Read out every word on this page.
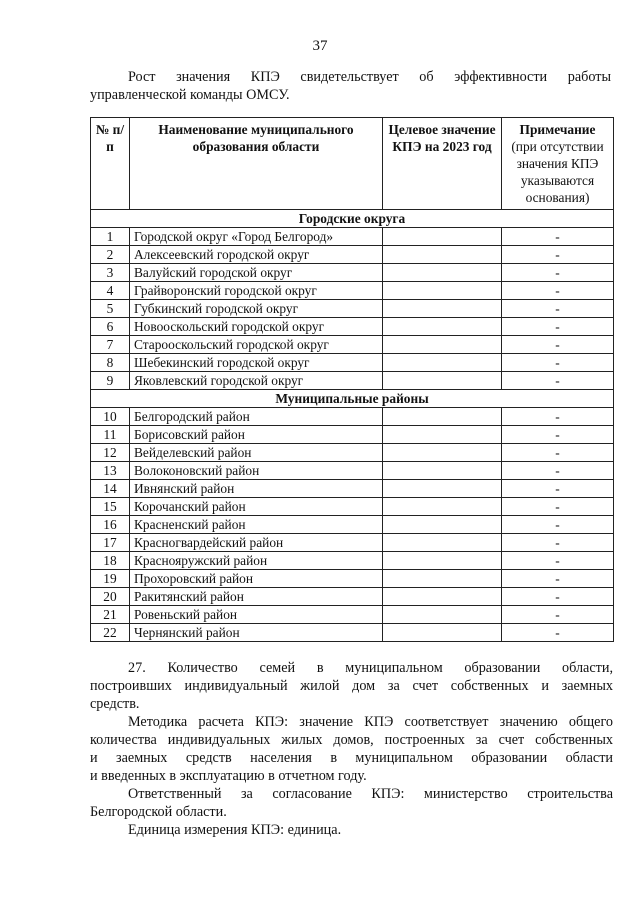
37

Рост значения КПЭ свидетельствует об эффективности работы

управленческой команды ОМСУ.

№ п/п	Наименование муниципального образования области	Целевое значение КПЭ на 2023 год	Примечание
(при отсутствии значения КПЭ указываются основания)
Городские округа			
1	Городской округ «Город Белгород»		-
2	Алексеевский городской округ		-
3	Валуйский городской округ		-
4	Грайворонский городской округ		-
5	Губкинский городской округ		-
6	Новооскольский городской округ		-
7	Старооскольский городской округ		-
8	Шебекинский городской округ		-
9	Яковлевский городской округ		-
Муниципальные районы			
10	Белгородский район		-
11	Борисовский район		-
12	Вейделевский район		-
13	Волоконовский район		-
14	Ивнянский район		-
15	Корочанский район		-
16	Красненский район		-
17	Красногвардейский район		-
18	Краснояружский район		-
19	Прохоровский район		-
20	Ракитянский район		-
21	Ровеньский район		-
22	Чернянский район		-

27. Количество семей в муниципальном образовании области,

построивших индивидуальный жилой дом за счет собственных и заемных

средств.

Методика расчета КПЭ: значение КПЭ соответствует значению общего

количества индивидуальных жилых домов, построенных за счет собственных

и заемных средств населения в муниципальном образовании области

и введенных в эксплуатацию в отчетном году.

Ответственный за согласование КПЭ: министерство строительства

Белгородской области.

Единица измерения КПЭ: единица.
